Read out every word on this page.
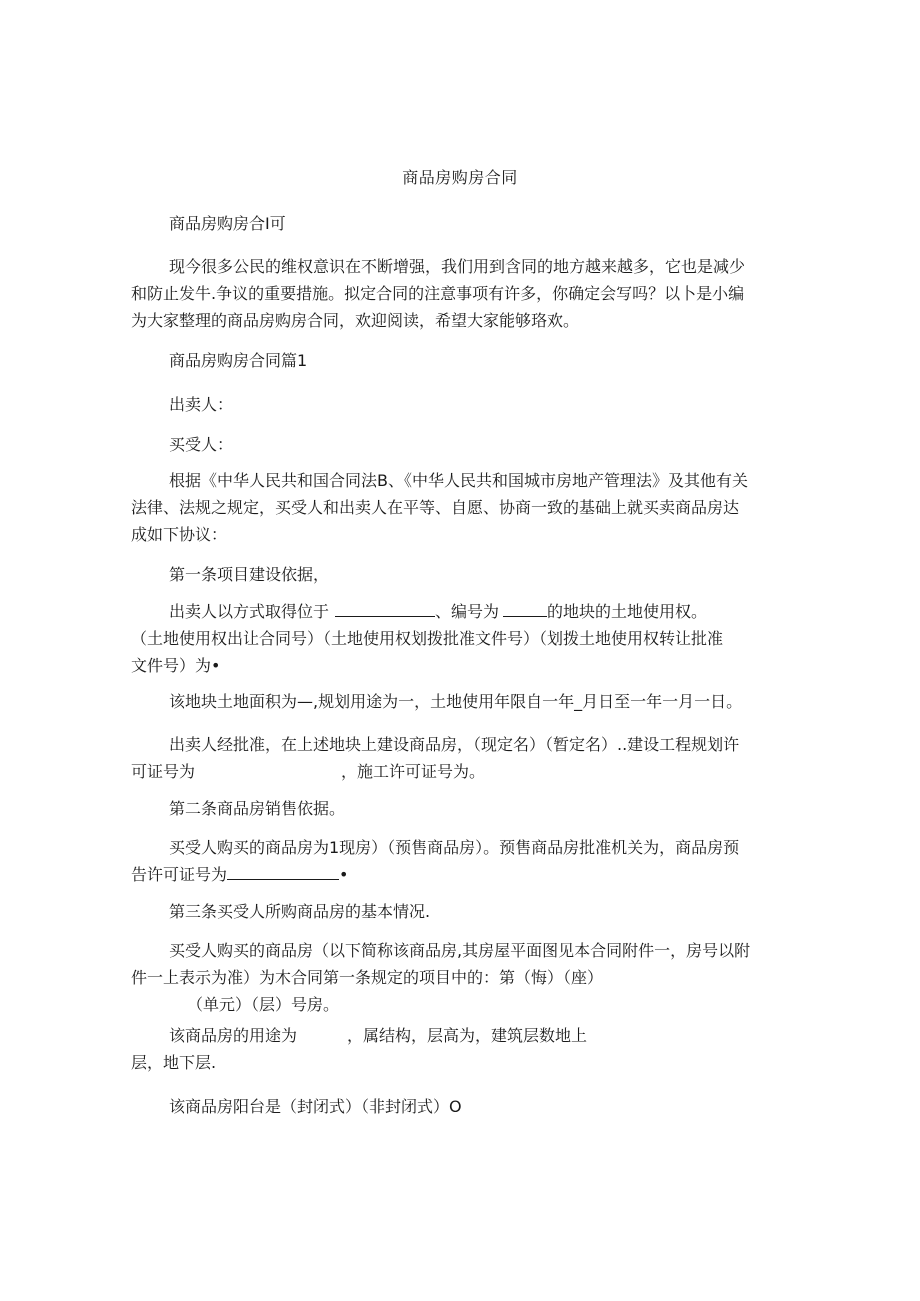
商品房购房合同

商品房购房合I可

现今很多公民的维权意识在不断增强，我们用到含同的地方越来越多，它也是减少
和防止发牛.争议的重要措施。拟定合同的注意事项有许多，你确定会写吗？以卜是小编
为大家整理的商品房购房合同，欢迎阅读，希望大家能够珞欢。

商品房购房合同篇1

出卖人：

买受人：

根据《中华人民共和国合同法B、《中华人民共和国城市房地产管理法》及其他有关
法律、法规之规定，买受人和出卖人在平等、自愿、协商一致的基础上就买卖商品房达
成如下协议：

第一条项目建设依据，

出卖人以方式取得位于	、编号为	的地块的土地使用权。
（土地使用权出让合同号）（土地使用权划拨批准文件号）（划拨土地使用权转让批准
文件号）为•

该地块土地面积为—,规划用途为一，土地使用年限自一年_月日至一年一月一日。

出卖人经批准，在上述地块上建设商品房，（现定名）（暂定名）..建设工程规划许
可证号为	，施工许可证号为。

第二条商品房销售依据。

买受人购买的商品房为1现房）（预售商品房）。预售商品房批准机关为，商品房预
告许可证号为	•

第三条买受人所购商品房的基本情况.

买受人购买的商品房（以下简称该商品房,其房屋平面图见本合同附件一，房号以附
件一上表示为准）为木合同第一条规定的项目中的：第（悔）（座）
（单元）（层）号房。
该商品房的用途为	，属结构，层高为，建筑层数地上
层，地下层.

该商品房阳台是（封闭式）（非封闭式）O
